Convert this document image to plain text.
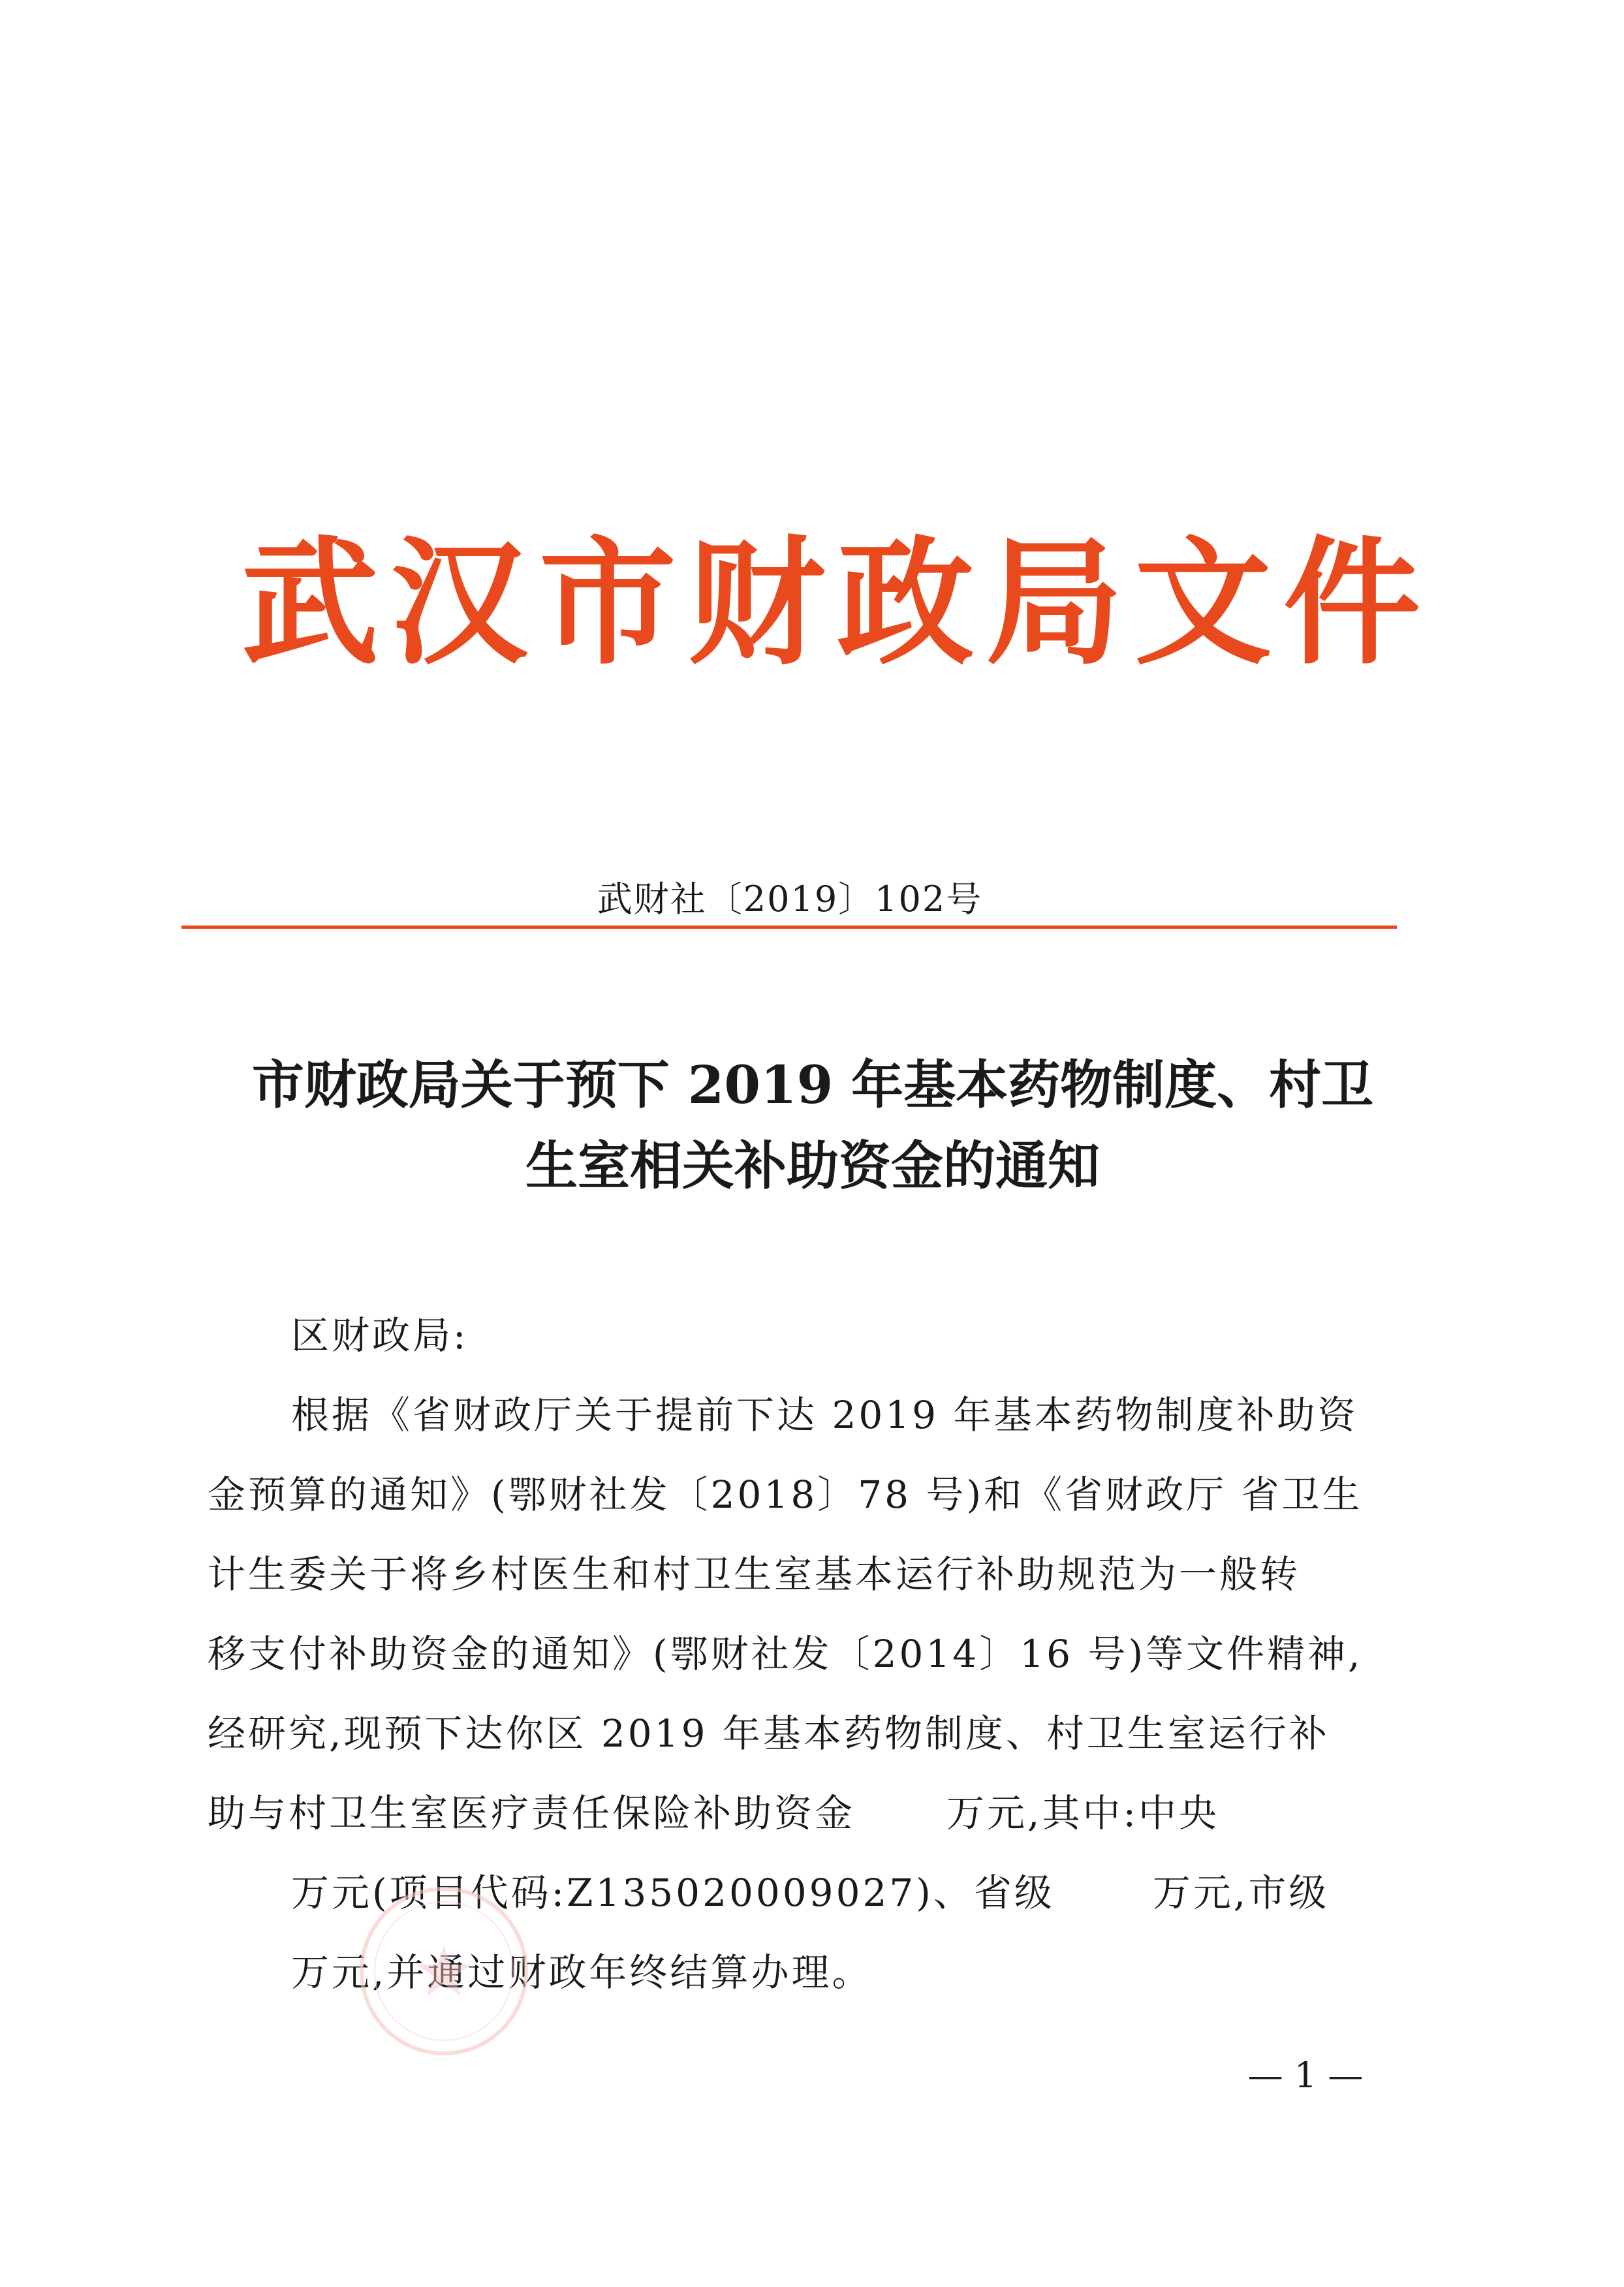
武汉市财政局文件
武财社〔2019〕102号
市财政局关于预下 2019 年基本药物制度、村卫
生室相关补助资金的通知
区财政局:
根据《省财政厅关于提前下达 2019 年基本药物制度补助资
金预算的通知》(鄂财社发〔2018〕78 号)和《省财政厅 省卫生
计生委关于将乡村医生和村卫生室基本运行补助规范为一般转
移支付补助资金的通知》(鄂财社发〔2014〕16 号)等文件精神,
经研究,现预下达你区 2019 年基本药物制度、村卫生室运行补
助与村卫生室医疗责任保险补助资金 万元,其中:中央
万元(项目代码:Z135020009027)、省级	万元,市级
万元,并通过财政年终结算办理。
— 1 —
